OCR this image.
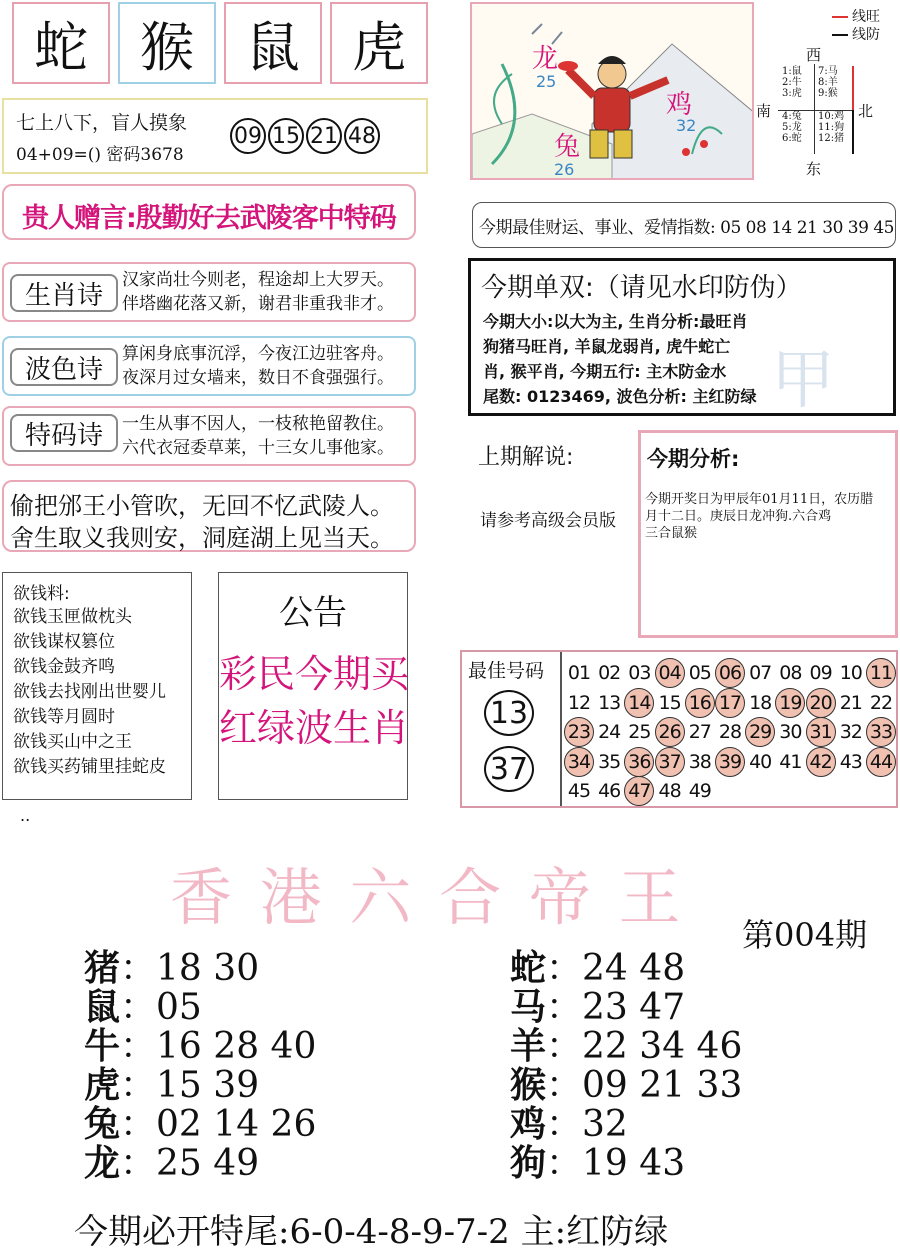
蛇 猴 鼠 虎
七上八下，盲人摸象
04+09=() 密码3678
09 15 21 48
贵人赠言:殷勤好去武陵客中特码
生肖诗
汉家尚壮今则老，程途却上大罗天。
伴塔幽花落又新，谢君非重我非才。
波色诗
算闲身底事沉浮，今夜江边驻客舟。
夜深月过女墙来，数日不食强强行。
特码诗	一生从事不因人，一枝秾艳留教住。
六代衣冠委草莱，十三女儿事他家。
偷把邠王小管吹，无回不忆武陵人。
舍生取义我则安，洞庭湖上见当天。
欲钱料:
欲钱玉匣做枕头
欲钱谋权篡位
欲钱金鼓齐鸣
欲钱去找刚出世婴儿
欲钱等月圆时
欲钱买山中之王
欲钱买药铺里挂蛇皮
公告
彩民今期买
红绿波生肖
..
龙
25
鸡
32
兔
26
线旺
线防
西
南	北
东
1:鼠
2:牛
3:虎
4:兔
5:龙
6:蛇
7:马
8:羊
9:猴
10:鸡
11:狗
12:猪
今期最佳财运、事业、爱情指数: 05 08 14 21 30 39 45
甲
今期单双:（请见水印防伪）
今期大小:以大为主, 生肖分析:最旺肖
狗猪马旺肖, 羊鼠龙弱肖, 虎牛蛇亡
肖, 猴平肖, 今期五行: 主木防金水
尾数: 0123469, 波色分析: 主红防绿
上期解说:
请参考高级会员版
今期分析:
今期开奖日为甲辰年01月11日，农历腊
月十二日。庚辰日龙冲狗.六合鸡
三合鼠猴
最佳号码
13
37
01 02 03 04 05 06 07 08 09 10 11
12 13 14 15 16 17 18 19 20 21 22
23 24 25 26 27 28 29 30 31 32 33
34 35 36 37 38 39 40 41 42 43 44
45 46 47 48 49
香 港 六 合 帝 王
第004期
猪：18 30
鼠：05
牛：16 28 40
虎：15 39
兔：02 14 26
龙：25 49
蛇：24 48
马：23 47
羊：22 34 46
猴：09 21 33
鸡：32
狗：19 43
今期必开特尾:6-0-4-8-9-7-2 主:红防绿
